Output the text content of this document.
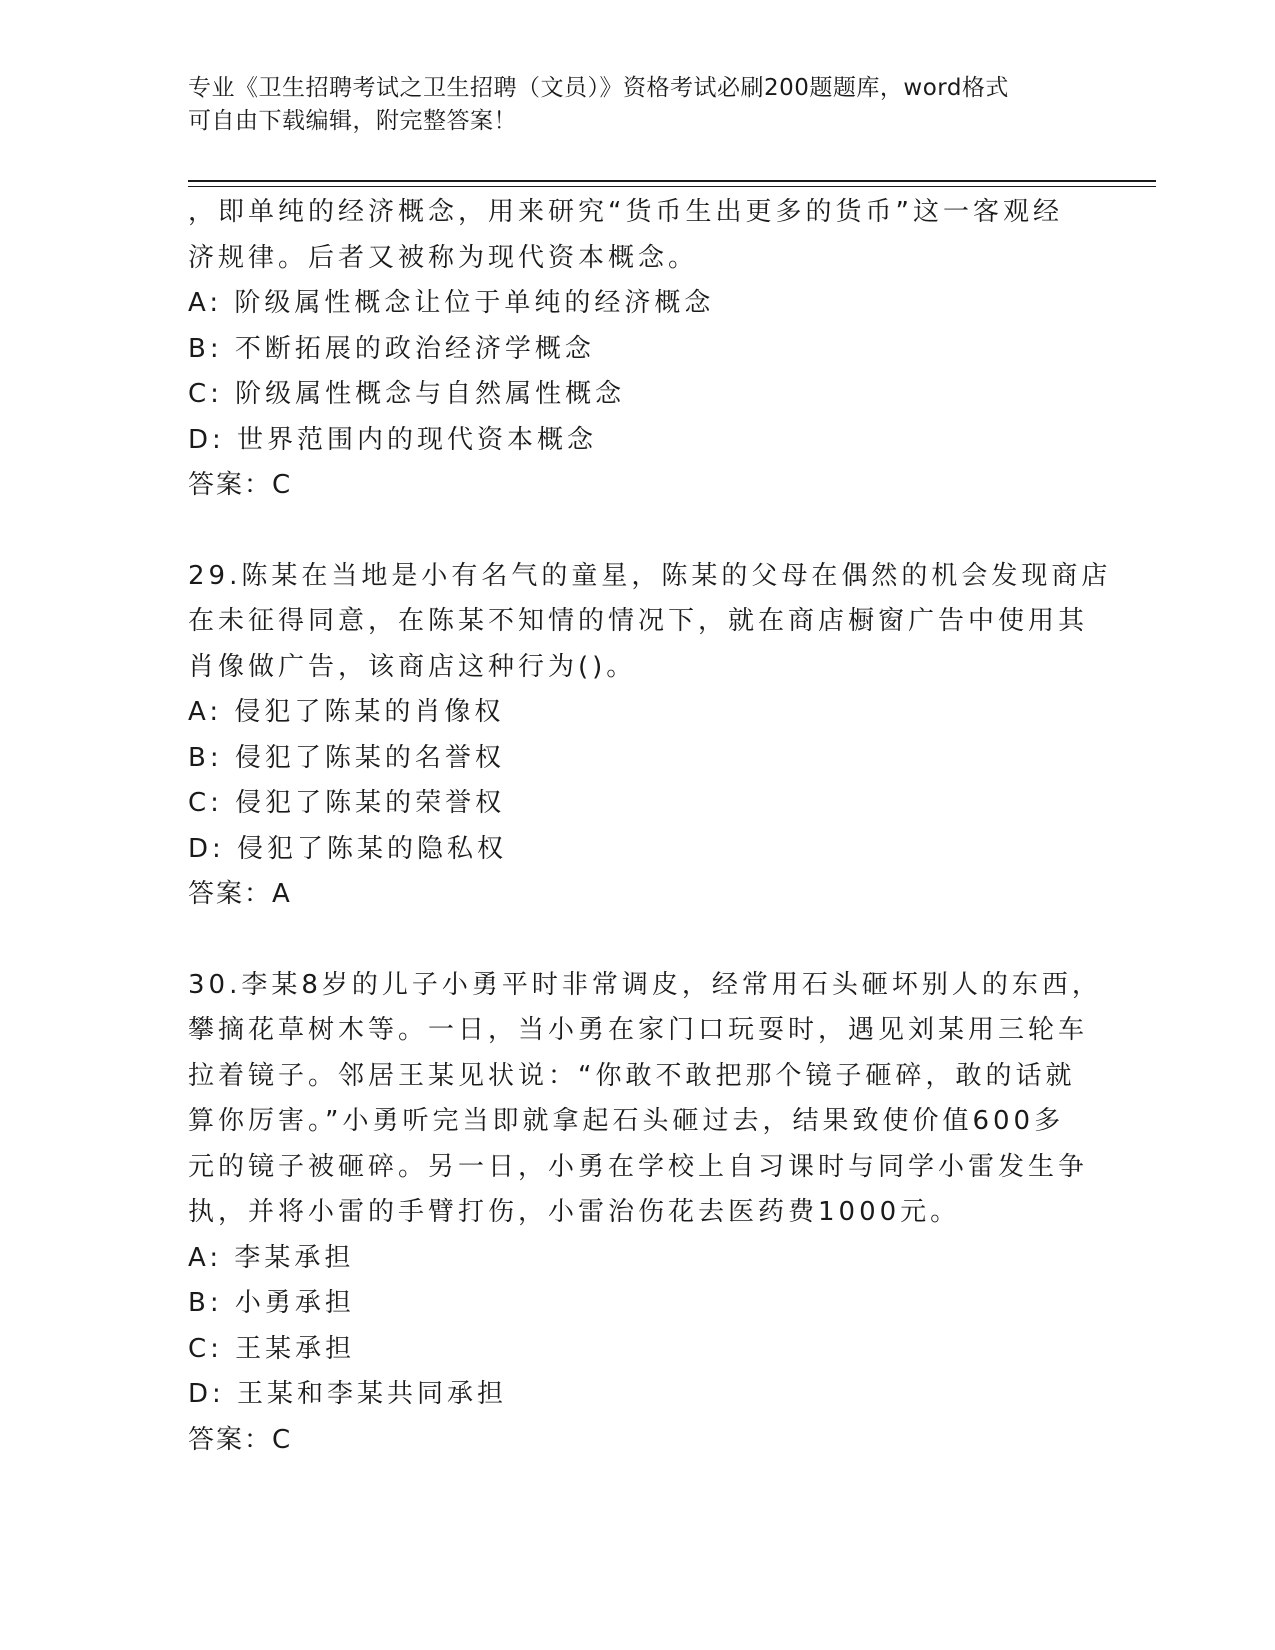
专业《卫生招聘考试之卫生招聘（文员）》资格考试必刷200题题库，word格式
可自由下载编辑，附完整答案！
，即单纯的经济概念，用来研究“货币生出更多的货币”这一客观经
济规律。后者又被称为现代资本概念。
A: 阶级属性概念让位于单纯的经济概念
B: 不断拓展的政治经济学概念
C: 阶级属性概念与自然属性概念
D: 世界范围内的现代资本概念
答案：C
29.陈某在当地是小有名气的童星，陈某的父母在偶然的机会发现商店
在未征得同意，在陈某不知情的情况下，就在商店橱窗广告中使用其
肖像做广告，该商店这种行为()。
A: 侵犯了陈某的肖像权
B: 侵犯了陈某的名誉权
C: 侵犯了陈某的荣誉权
D: 侵犯了陈某的隐私权
答案：A
30.李某8岁的儿子小勇平时非常调皮，经常用石头砸坏别人的东西，
攀摘花草树木等。一日，当小勇在家门口玩耍时，遇见刘某用三轮车
拉着镜子。邻居王某见状说：“你敢不敢把那个镜子砸碎，敢的话就
算你厉害。”小勇听完当即就拿起石头砸过去，结果致使价值600多
元的镜子被砸碎。另一日，小勇在学校上自习课时与同学小雷发生争
执，并将小雷的手臂打伤，小雷治伤花去医药费1000元。
A: 李某承担
B: 小勇承担
C: 王某承担
D: 王某和李某共同承担
答案：C
